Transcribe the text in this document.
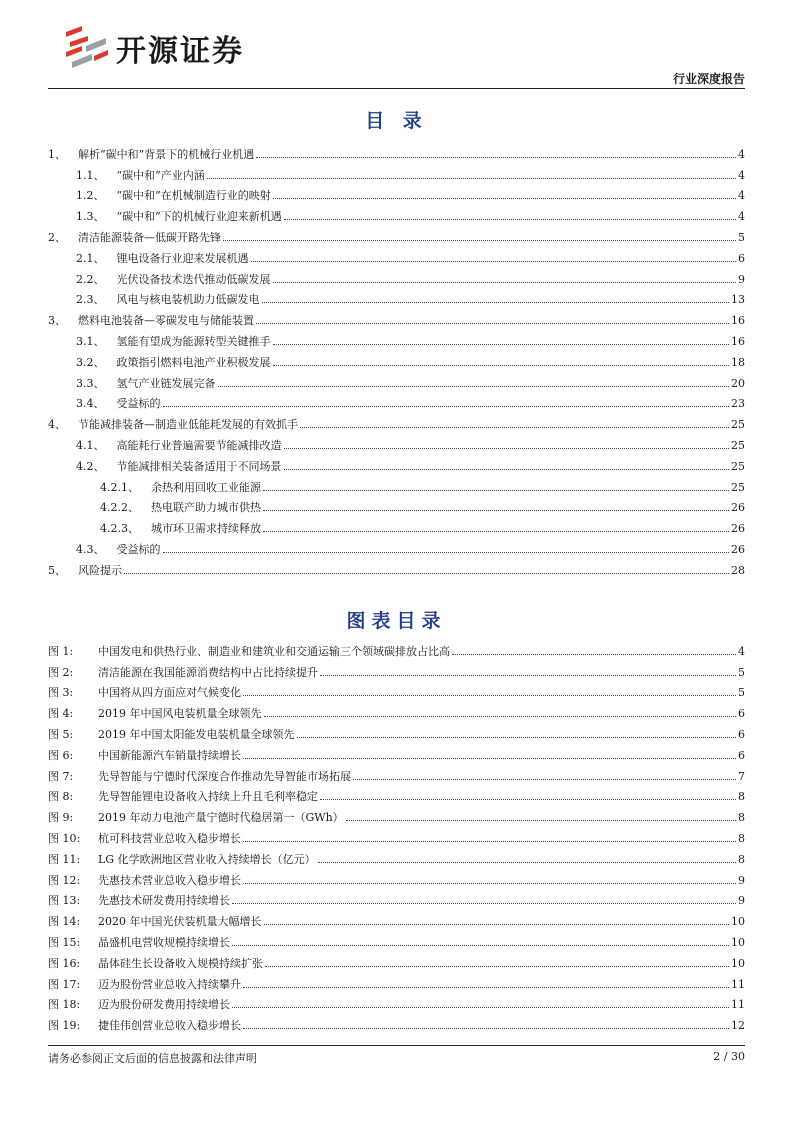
开源证券
行业深度报告
目 录
1、	解析“碳中和”背景下的机械行业机遇	4
1.1、	“碳中和”产业内涵	4
1.2、	“碳中和”在机械制造行业的映射	4
1.3、	“碳中和”下的机械行业迎来新机遇	4
2、	清洁能源装备—低碳开路先锋	5
2.1、	锂电设备行业迎来发展机遇	6
2.2、	光伏设备技术迭代推动低碳发展	9
2.3、	风电与核电装机助力低碳发电	13
3、	燃料电池装备—零碳发电与储能装置	16
3.1、	氢能有望成为能源转型关键推手	16
3.2、	政策指引燃料电池产业积极发展	18
3.3、	氢气产业链发展完备	20
3.4、	受益标的	23
4、	节能减排装备—制造业低能耗发展的有效抓手	25
4.1、	高能耗行业普遍需要节能减排改造	25
4.2、	节能减排相关装备适用于不同场景	25
4.2.1、	余热利用回收工业能源	25
4.2.2、	热电联产助力城市供热	26
4.2.3、	城市环卫需求持续释放	26
4.3、	受益标的	26
5、	风险提示	28
图表目录
图 1:	中国发电和供热行业、制造业和建筑业和交通运输三个领域碳排放占比高	4
图 2:	清洁能源在我国能源消费结构中占比持续提升	5
图 3:	中国将从四方面应对气候变化	5
图 4:	2019 年中国风电装机量全球领先	6
图 5:	2019 年中国太阳能发电装机量全球领先	6
图 6:	中国新能源汽车销量持续增长	6
图 7:	先导智能与宁德时代深度合作推动先导智能市场拓展	7
图 8:	先导智能锂电设备收入持续上升且毛利率稳定	8
图 9:	2019 年动力电池产量宁德时代稳居第一（GWh）	8
图 10:	杭可科技营业总收入稳步增长	8
图 11:	LG 化学欧洲地区营业收入持续增长（亿元）	8
图 12:	先惠技术营业总收入稳步增长	9
图 13:	先惠技术研发费用持续增长	9
图 14:	2020 年中国光伏装机量大幅增长	10
图 15:	晶盛机电营收规模持续增长	10
图 16:	晶体硅生长设备收入规模持续扩张	10
图 17:	迈为股份营业总收入持续攀升	11
图 18:	迈为股份研发费用持续增长	11
图 19:	捷佳伟创营业总收入稳步增长	12
请务必参阅正文后面的信息披露和法律声明	2 / 30
